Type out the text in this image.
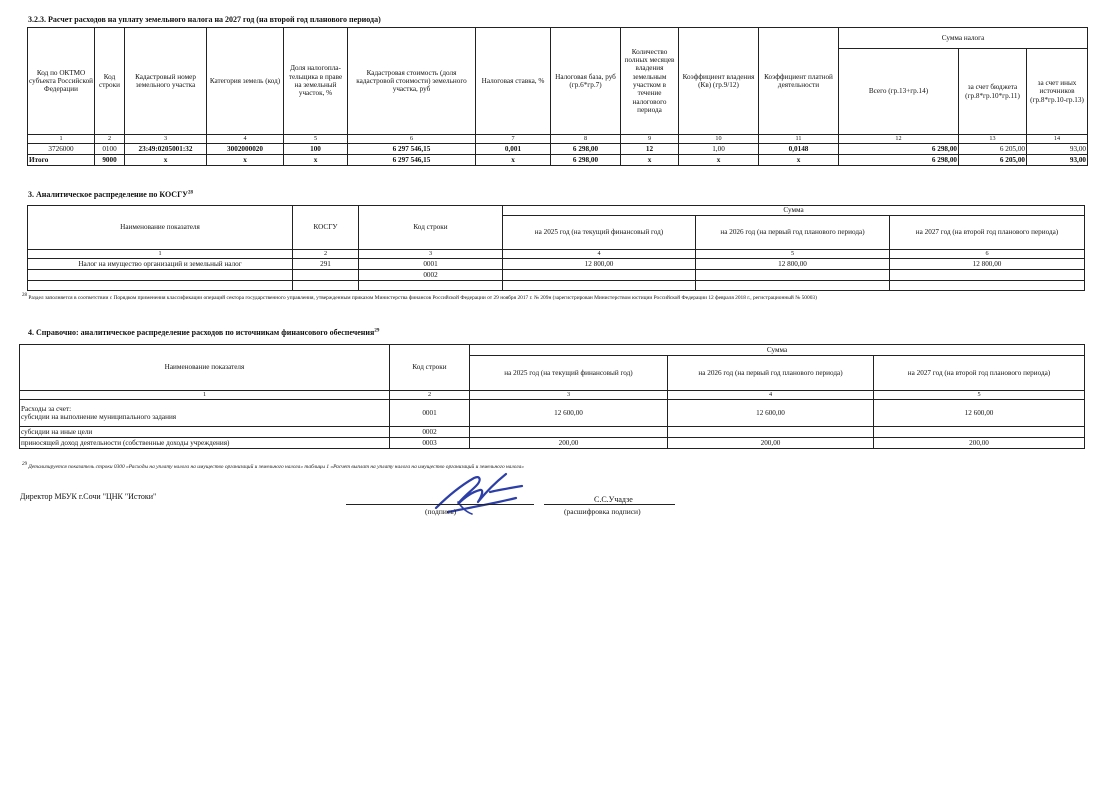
3.2.3. Расчет расходов на уплату земельного налога на 2027 год (на второй год планового периода)
Код по ОКТМО субъекта Российской Федерации	Код строки	Кадастровый номер земельного участка	Категория земель (код)	Доля налогопла-тельщика в праве на земельный участок, %	Кадастровая стоимость (доля кадастровой стоимости) земельного участка, руб	Налоговая ставка, %	Налоговая база, руб (гр.6*гр.7)	Количество полных месяцев владения земельным участком в течение налогового периода	Коэффициент владения (Кв) (гр.9/12)	Коэффициент платной деятельности	Сумма налога		
											Всего (гр.13+гр.14)	за счет бюджета (гр.8*гр.10*гр.11)	за счет иных источников (гр.8*гр.10-гр.13)
1	2	3	4	5	6	7	8	9	10	11	12	13	14
3726000	0100	23:49:0205001:32	3002000020	100	6 297 546,15	0,001	6 298,00	12	1,00	0,0148	6 298,00	6 205,00	93,00
Итого	9000	x	x	x	6 297 546,15	x	6 298,00	x	x	x	6 298,00	6 205,00	93,00
3. Аналитическое распределение по КОСГУ$^{28}$
Наименование показателя	КОСГУ	Код строки	Сумма		
			на 2025 год (на текущий финансовый год)	на 2026 год (на первый год планового периода)	на 2027 год (на второй год планового периода)
1	2	3	4	5	6
Налог на имущество организаций и земельный налог	291	0001	12 800,00	12 800,00	12 800,00
		0002			

$^{28}$ Раздел заполняется в соответствии с Порядком применения классификации операций сектора государственного управления, утвержденным приказом Министерства финансов Российской Федерации от 29 ноября 2017 г. № 209н (зарегистрирован Министерством юстиции Российской Федерации 12 февраля 2018 г., регистрационный № 50003)
4. Справочно: аналитическое распределение расходов по источникам финансового обеспечения$^{29}$
Наименование показателя	Код строки	Сумма		
		на 2025 год (на текущий финансовый год)	на 2026 год (на первый год планового периода)	на 2027 год (на второй год планового периода)
1	2	3	4	5

Расходы за счет:
субсидии на выполнение муниципального задания	0001	12 600,00	12 600,00	12 600,00
субсидии на иные цели	0002			
приносящей доход деятельности (собственные доходы учреждения)	0003	200,00	200,00	200,00
$^{29}$ Детализируется показатель строки 0300 «Расходы на уплату налога на имущество организаций и земельного налога» таблицы 1 «Расчет выплат на уплату налога на имущество организаций и земельного налога»
Директор МБУК г.Сочи "ЦНК "Истоки"
(подпись)
С.С.Учадзе
(расшифровка подписи)
